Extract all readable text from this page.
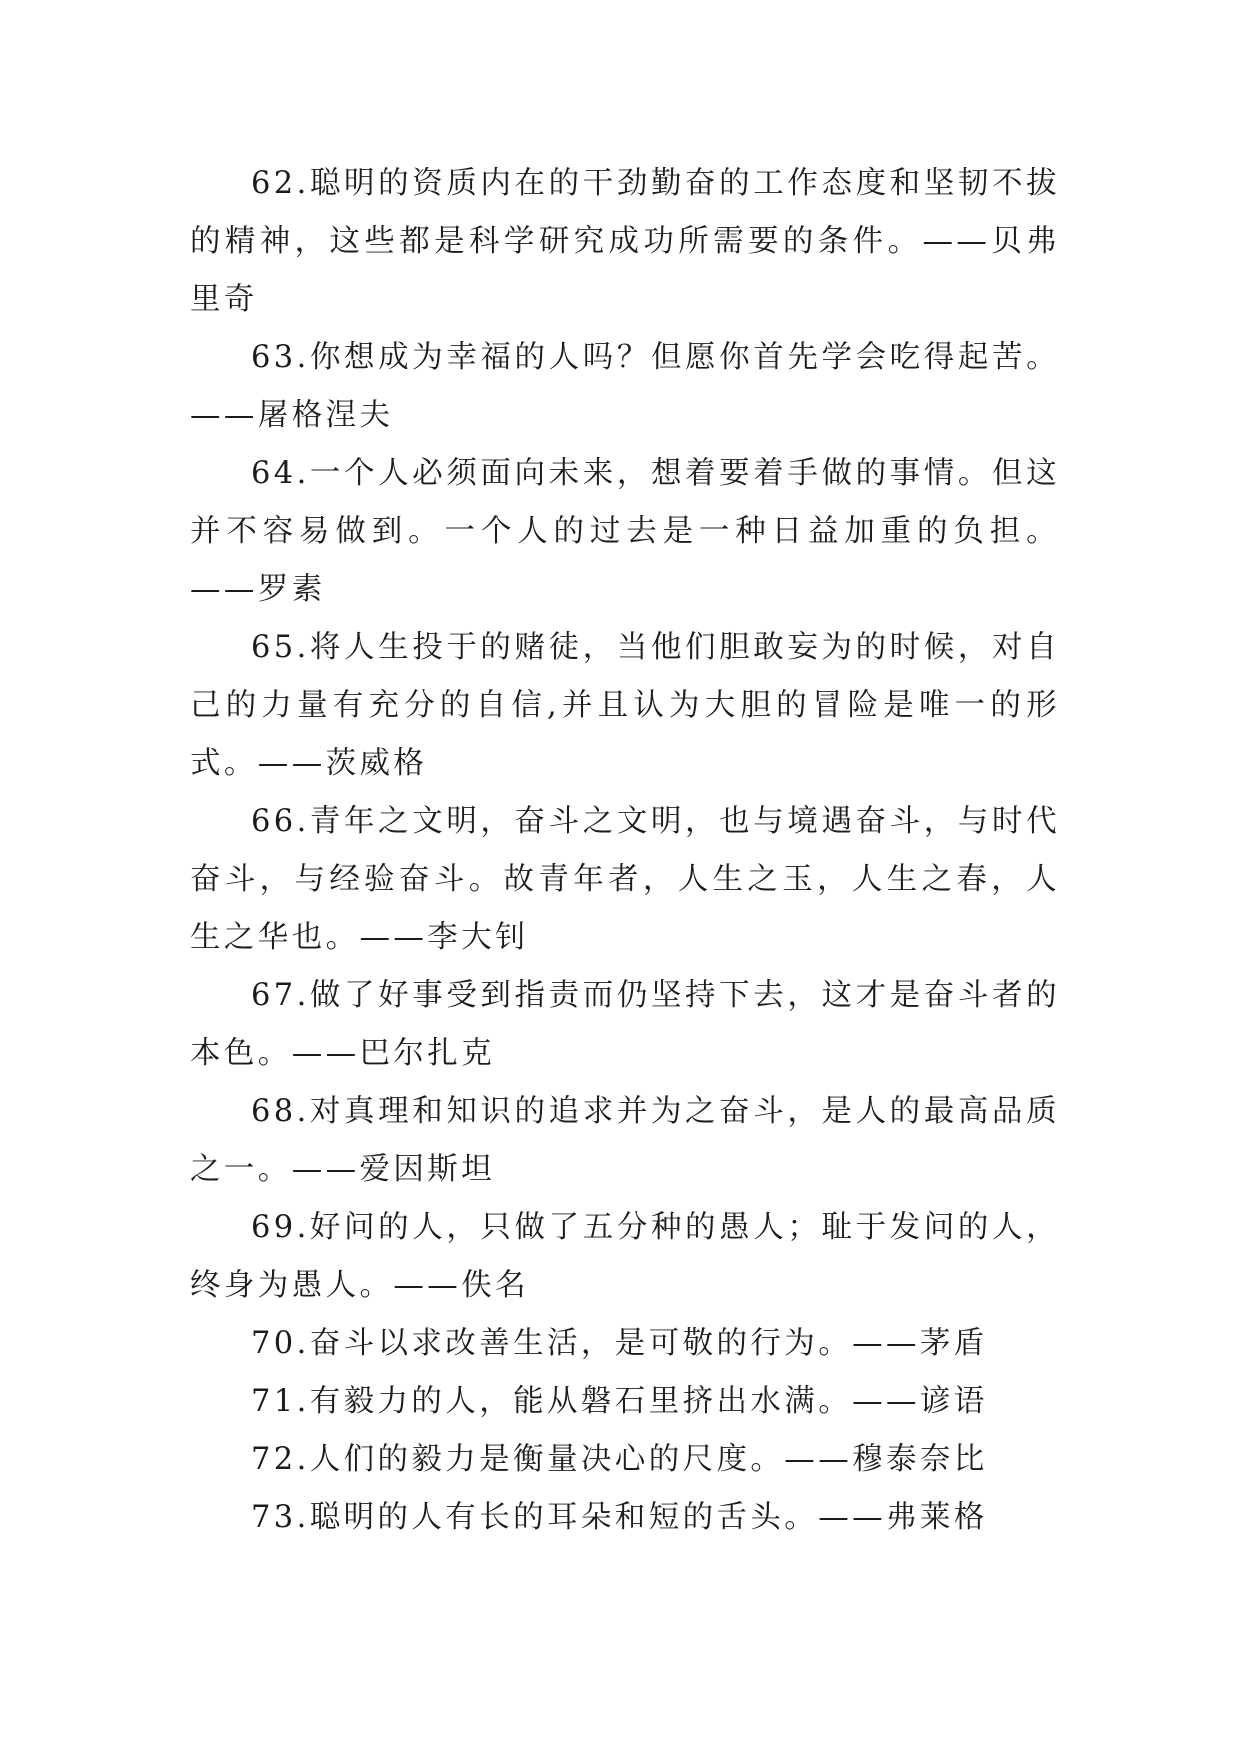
62.聪明的资质内在的干劲勤奋的工作态度和坚韧不拔的精神，这些都是科学研究成功所需要的条件。——贝弗里奇

63.你想成为幸福的人吗？但愿你首先学会吃得起苦。——屠格涅夫

64.一个人必须面向未来，想着要着手做的事情。但这并不容易做到。一个人的过去是一种日益加重的负担。——罗素

65.将人生投于的赌徒，当他们胆敢妄为的时候，对自己的力量有充分的自信,并且认为大胆的冒险是唯一的形式。——茨威格

66.青年之文明，奋斗之文明，也与境遇奋斗，与时代奋斗，与经验奋斗。故青年者，人生之玉，人生之春，人生之华也。——李大钊

67.做了好事受到指责而仍坚持下去，这才是奋斗者的本色。——巴尔扎克

68.对真理和知识的追求并为之奋斗，是人的最高品质之一。——爱因斯坦

69.好问的人，只做了五分种的愚人；耻于发问的人，终身为愚人。——佚名

70.奋斗以求改善生活，是可敬的行为。——茅盾

71.有毅力的人，能从磐石里挤出水满。——谚语

72.人们的毅力是衡量决心的尺度。——穆泰奈比

73.聪明的人有长的耳朵和短的舌头。——弗莱格
